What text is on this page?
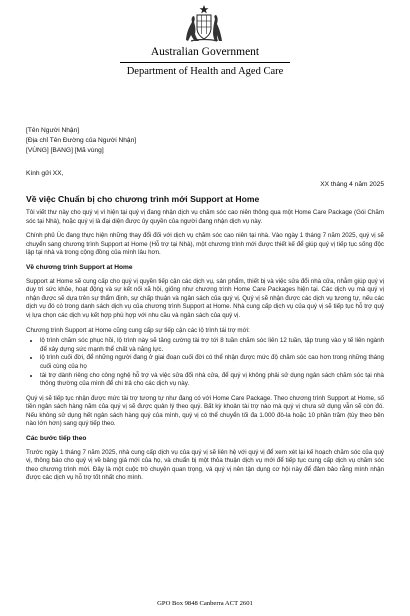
Australian Government
Department of Health and Aged Care
[Tên Người Nhận]
[Địa chỉ Tên Đường của Người Nhận]
[VÙNG] [BANG] [Mã vùng]
Kính gửi XX,
XX tháng 4 năm 2025
Về việc Chuẩn bị cho chương trình mới Support at Home

Tôi viết thư này cho quý vị vì hiện tại quý vị đang nhận dịch vụ chăm sóc cao niên thông qua một Home Care Package (Gói Chăm sóc tại Nhà), hoặc quý vị là đại diện được ủy quyền của người đang nhận dịch vụ này.

Chính phủ Úc đang thực hiện những thay đổi đối với dịch vụ chăm sóc cao niên tại nhà. Vào ngày 1 tháng 7 năm 2025, quý vị sẽ chuyển sang chương trình Support at Home (Hỗ trợ tại Nhà), một chương trình mới được thiết kế để giúp quý vị tiếp tục sống độc lập tại nhà và trong cộng đồng của mình lâu hơn.

Về chương trình Support at Home

Support at Home sẽ cung cấp cho quý vị quyền tiếp cận các dịch vụ, sản phẩm, thiết bị và việc sửa đổi nhà cửa, nhằm giúp quý vị duy trì sức khỏe, hoạt động và sự kết nối xã hội, giống như chương trình Home Care Packages hiện tại. Các dịch vụ mà quý vị nhận được sẽ dựa trên sự thẩm định, sự chấp thuận và ngân sách của quý vị. Quý vị sẽ nhận được các dịch vụ tương tự, nếu các dịch vụ đó có trong danh sách dịch vụ của chương trình Support at Home. Nhà cung cấp dịch vụ của quý vị sẽ tiếp tục hỗ trợ quý vị lựa chọn các dịch vụ kết hợp phù hợp với nhu cầu và ngân sách của quý vị.

Chương trình Support at Home cũng cung cấp sự tiếp cận các lộ trình tái trợ mới:

• lộ trình chăm sóc phục hồi, lộ trình này sẽ tăng cường tài trợ tới 8 tuần chăm sóc liên 12 tuần, tập trung vào y tế liên ngành để xây dựng sức mạnh thể chất và năng lực.
• lộ trình cuối đời, để những người đang ở giai đoạn cuối đời có thể nhận được mức độ chăm sóc cao hơn trong những tháng cuối cùng của họ
• tài trợ dành riêng cho công nghệ hỗ trợ và việc sửa đổi nhà cửa, để quý vị không phải sử dụng ngân sách chăm sóc tại nhà thông thường của mình để chi trả cho các dịch vụ này.

Quý vị sẽ tiếp tục nhận được mức tài trợ tương tự như đang có với Home Care Package. Theo chương trình Support at Home, số tiền ngân sách hàng năm của quý vị sẽ được quản lý theo quý. Bất kỳ khoản tài trợ nào mà quý vị chưa sử dụng vẫn sẽ còn đó. Nếu không sử dụng hết ngân sách hàng quý của mình, quý vị có thể chuyển tối đa 1.000 đô-la hoặc 10 phần trăm (tùy theo bên nào lớn hơn) sang quý tiếp theo.

Các bước tiếp theo

Trước ngày 1 tháng 7 năm 2025, nhà cung cấp dịch vụ của quý vị sẽ liên hệ với quý vị để xem xét lại kế hoạch chăm sóc của quý vị, thông báo cho quý vị về bảng giá mới của họ, và chuẩn bị một thỏa thuận dịch vụ mới để tiếp tục cung cấp dịch vụ chăm sóc theo chương trình mới. Đây là một cuộc trò chuyện quan trọng, và quý vị nên tận dụng cơ hội này để đảm bảo rằng mình nhận được các dịch vụ hỗ trợ tốt nhất cho mình.

GPO Box 9848 Canberra ACT 2601
